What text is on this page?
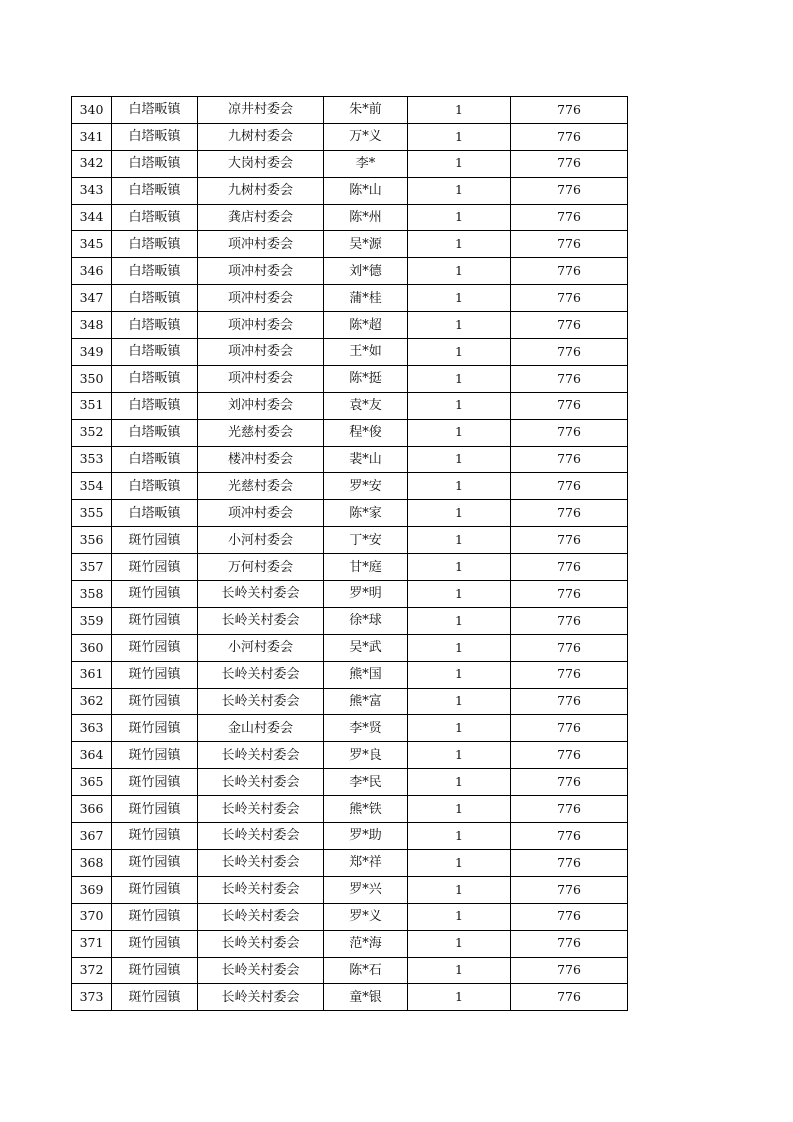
340	白塔畈镇	凉井村委会	朱*前	1	776
341	白塔畈镇	九树村委会	万*义	1	776
342	白塔畈镇	大岗村委会	李*	1	776
343	白塔畈镇	九树村委会	陈*山	1	776
344	白塔畈镇	龚店村委会	陈*州	1	776
345	白塔畈镇	项冲村委会	吴*源	1	776
346	白塔畈镇	项冲村委会	刘*德	1	776
347	白塔畈镇	项冲村委会	蒲*桂	1	776
348	白塔畈镇	项冲村委会	陈*超	1	776
349	白塔畈镇	项冲村委会	王*如	1	776
350	白塔畈镇	项冲村委会	陈*挺	1	776
351	白塔畈镇	刘冲村委会	袁*友	1	776
352	白塔畈镇	光慈村委会	程*俊	1	776
353	白塔畈镇	楼冲村委会	裴*山	1	776
354	白塔畈镇	光慈村委会	罗*安	1	776
355	白塔畈镇	项冲村委会	陈*家	1	776
356	斑竹园镇	小河村委会	丁*安	1	776
357	斑竹园镇	万何村委会	甘*庭	1	776
358	斑竹园镇	长岭关村委会	罗*明	1	776
359	斑竹园镇	长岭关村委会	徐*球	1	776
360	斑竹园镇	小河村委会	吴*武	1	776
361	斑竹园镇	长岭关村委会	熊*国	1	776
362	斑竹园镇	长岭关村委会	熊*富	1	776
363	斑竹园镇	金山村委会	李*贤	1	776
364	斑竹园镇	长岭关村委会	罗*良	1	776
365	斑竹园镇	长岭关村委会	李*民	1	776
366	斑竹园镇	长岭关村委会	熊*铁	1	776
367	斑竹园镇	长岭关村委会	罗*助	1	776
368	斑竹园镇	长岭关村委会	郑*祥	1	776
369	斑竹园镇	长岭关村委会	罗*兴	1	776
370	斑竹园镇	长岭关村委会	罗*义	1	776
371	斑竹园镇	长岭关村委会	范*海	1	776
372	斑竹园镇	长岭关村委会	陈*石	1	776
373	斑竹园镇	长岭关村委会	童*银	1	776
